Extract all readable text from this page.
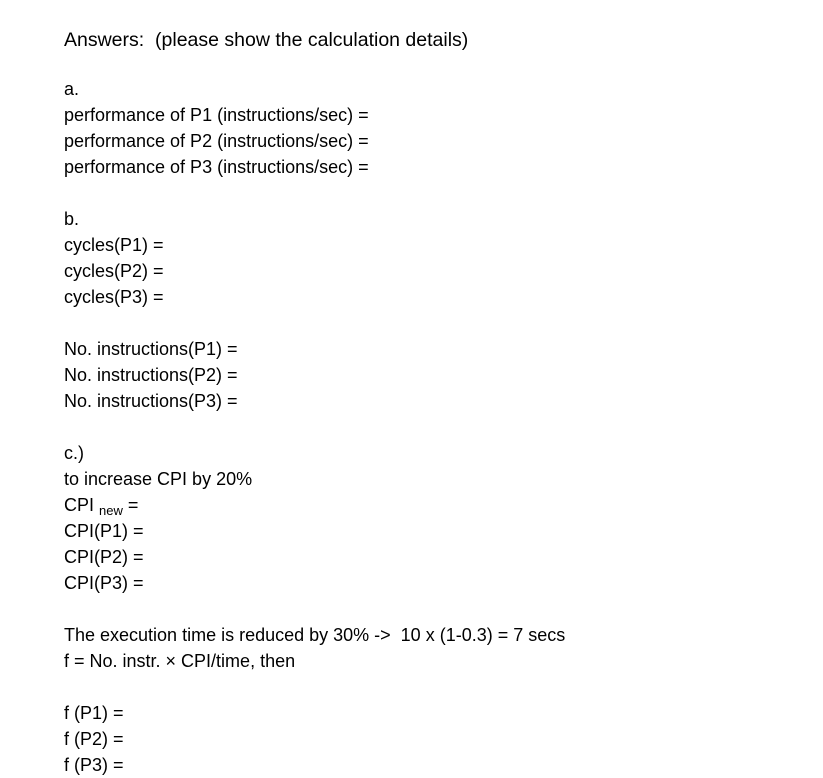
Answers:  (please show the calculation details)
a.
performance of P1 (instructions/sec) =
performance of P2 (instructions/sec) =
performance of P3 (instructions/sec) =
b.
cycles(P1) =
cycles(P2) =
cycles(P3) =
No. instructions(P1) =
No. instructions(P2) =
No. instructions(P3) =
c.)
to increase CPI by 20%
CPI $_{new}$ =
CPI(P1) =
CPI(P2) =
CPI(P3) =
The execution time is reduced by 30% ->  10 x (1-0.3) = 7 secs
f = No. instr. × CPI/time, then
f (P1) =
f (P2) =
f (P3) =
